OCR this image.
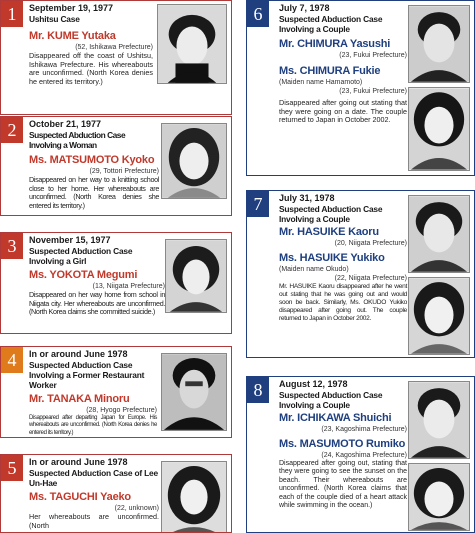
1	September 19, 1977
Ushitsu Case
Mr. KUME Yutaka
(52, Ishikawa Prefecture)
Disappeared off the coast of Ushitsu, Ishikawa Prefecture. His whereabouts are unconfirmed. (North Korea denies he entered its territory.)
2	October 21, 1977
Suspected Abduction Case Involving a Woman
Ms. MATSUMOTO Kyoko
(29, Tottori Prefecture)
Disappeared on her way to a knitting school close to her home. Her whereabouts are unconfirmed. (North Korea denies she entered its territory.)
3	November 15, 1977
Suspected Abduction Case Involving a Girl
Ms. YOKOTA Megumi
(13, Niigata Prefecture)
Disappeared on her way home from school in Niigata city. Her whereabouts are unconfirmed. (North Korea claims she committed suicide.)
4	In or around June 1978
Suspected Abduction Case Involving a Former Restaurant Worker
Mr. TANAKA Minoru
(28, Hyogo Prefecture)
Disappeared after departing Japan for Europe. His whereabouts are unconfirmed. (North Korea denies he entered its territory.)
5	In or around June 1978
Suspected Abduction Case of Lee Un-Hae
Ms. TAGUCHI Yaeko
(22, unknown)
Her whereabouts are unconfirmed. (North
6	July 7, 1978
Suspected Abduction Case Involving a Couple
Mr. CHIMURA Yasushi
(23, Fukui Prefecture)
Ms. CHIMURA Fukie
(Maiden name Hamamoto)
(23, Fukui Prefecture)
Disappeared after going out stating that they were going on a date. The couple returned to Japan in October 2002.
7	July 31, 1978
Suspected Abduction Case Involving a Couple
Mr. HASUIKE Kaoru
(20, Niigata Prefecture)
Ms. HASUIKE Yukiko
(Maiden name Okudo)
(22, Niigata Prefecture)
Mr. HASUIKE Kaoru disappeared after he went out stating that he was going out and would soon be back. Similarly, Ms. OKUDO Yukiko disappeared after going out. The couple returned to Japan in October 2002.
8	August 12, 1978
Suspected Abduction Case Involving a Couple
Mr. ICHIKAWA Shuichi
(23, Kagoshima Prefecture)
Ms. MASUMOTO Rumiko
(24, Kagoshima Prefecture)
Disappeared after going out, stating that they were going to see the sunset on the beach. Their whereabouts are unconfirmed. (North Korea claims that each of the couple died of a heart attack while swimming in the ocean.)
